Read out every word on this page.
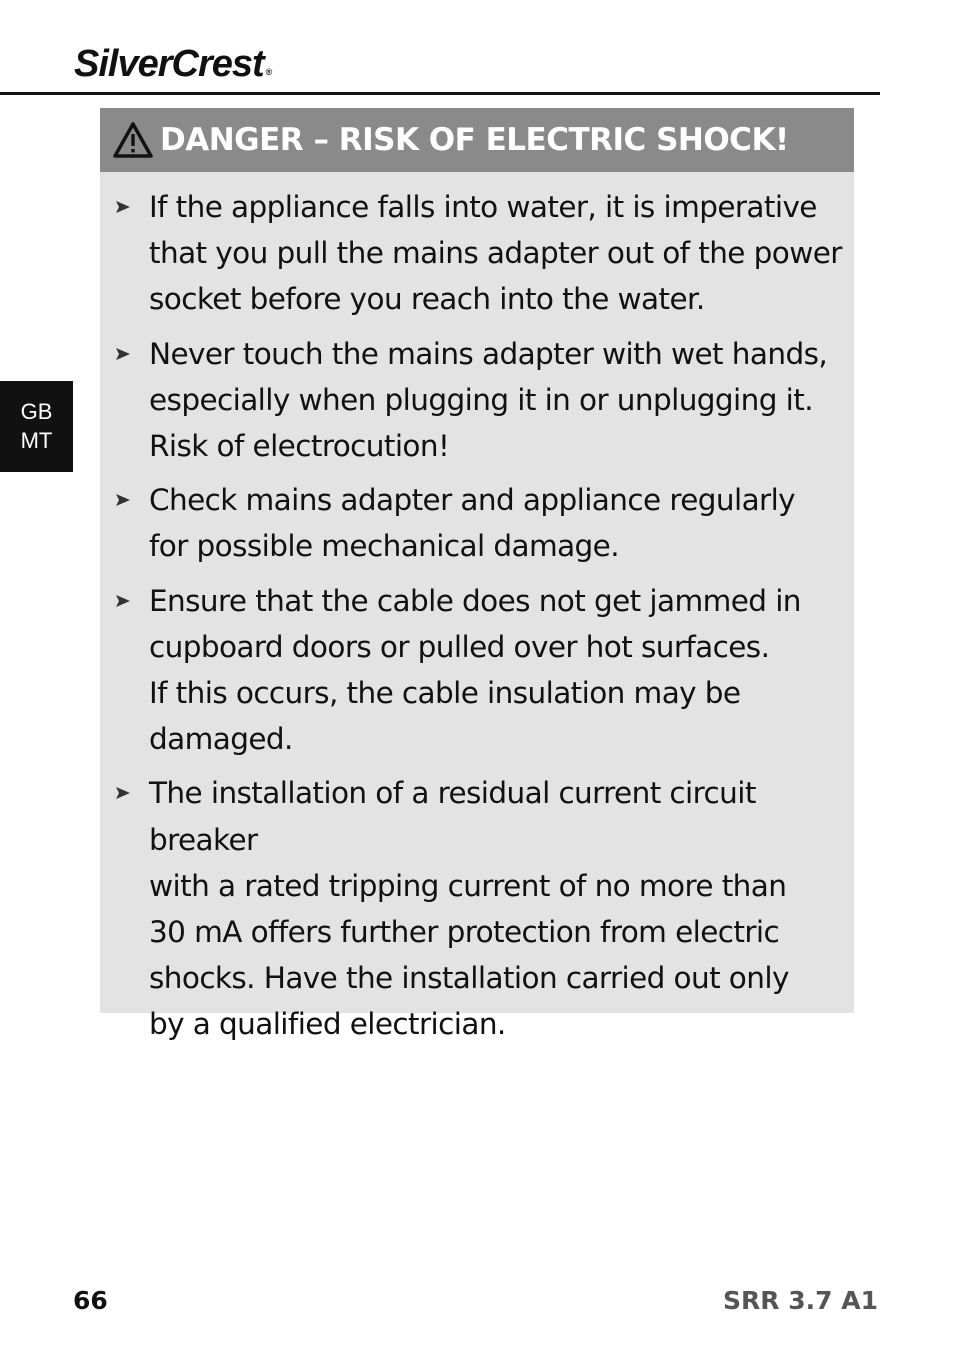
SilverCrest ®
GB
MT
DANGER – RISK OF ELECTRIC SHOCK!
If the appliance falls into water, it is imperative
that you pull the mains adapter out of the power
socket before you reach into the water.
Never touch the mains adapter with wet hands,
especially when plugging it in or unplugging it.
Risk of electrocution!
Check mains adapter and appliance regularly
for possible mechanical damage.
Ensure that the cable does not get jammed in
cupboard doors or pulled over hot surfaces.
If this occurs, the cable insulation may be
damaged.
The installation of a residual current circuit breaker
with a rated tripping current of no more than
30 mA offers further protection from electric
shocks. Have the installation carried out only
by a qualified electrician.
66	SRR 3.7 A1
